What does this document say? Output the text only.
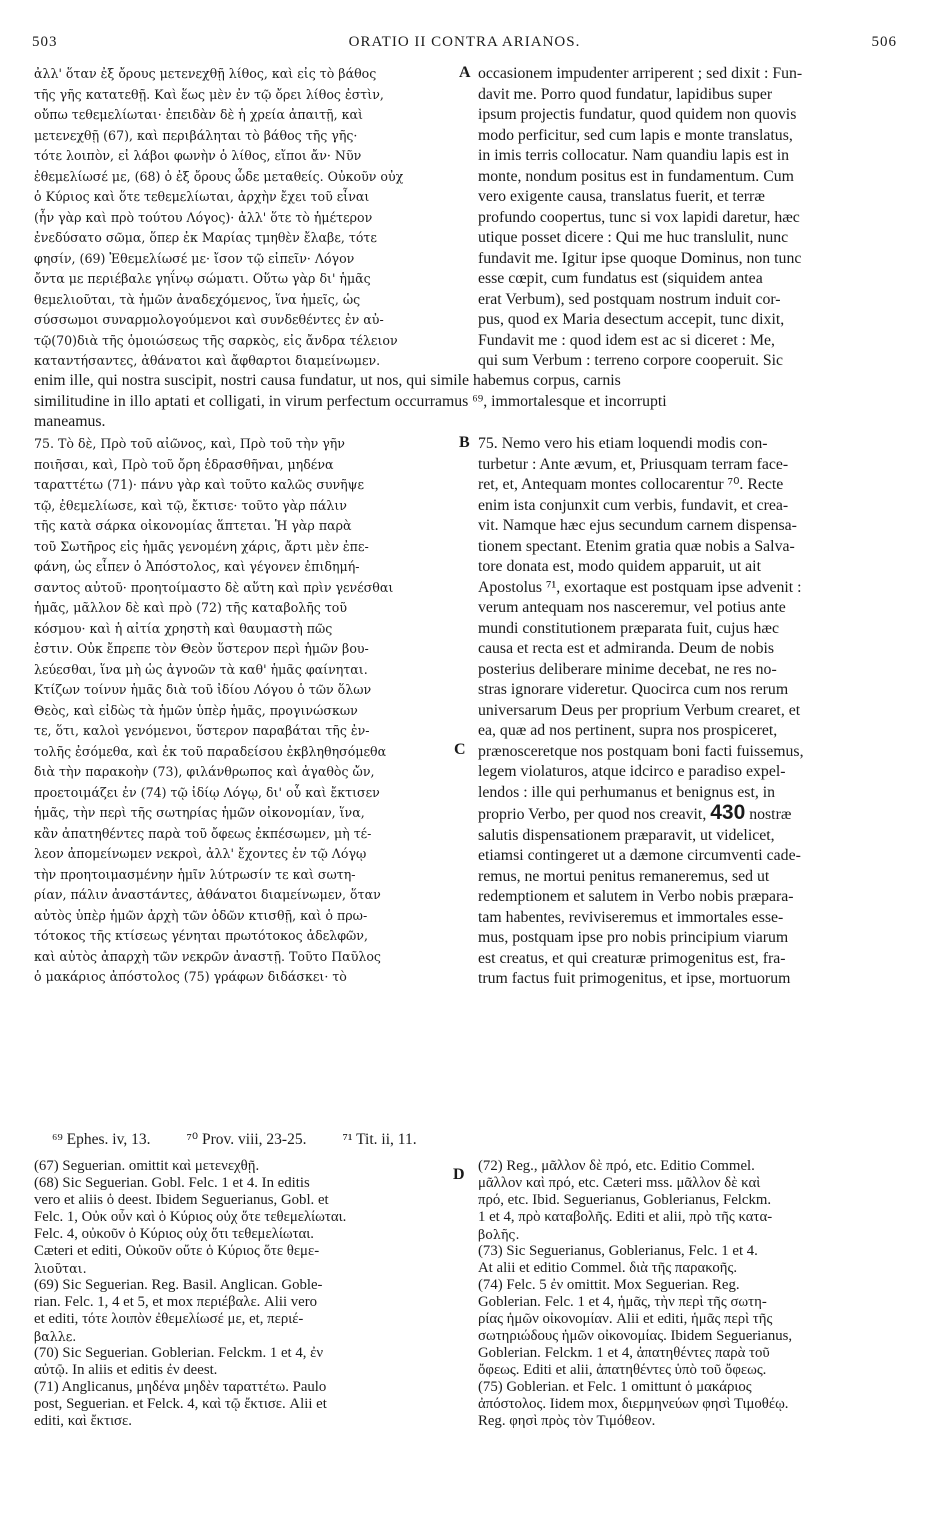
503	ORATIO II CONTRA ARIANOS.	506
ἀλλ' ὅταν ἐξ ὄρους μετενεχθῇ λίθος, καὶ εἰς τὸ βάθος
τῆς γῆς κατατεθῇ. Καὶ ἕως μὲν ἐν τῷ ὄρει λίθος ἐστὶν,
οὔπω τεθεμελίωται· ἐπειδὰν δὲ ἡ χρεία ἀπαιτῇ, καὶ
μετενεχθῇ (67), καὶ περιβάληται τὸ βάθος τῆς γῆς·
τότε λοιπὸν, εἰ λάβοι φωνὴν ὁ λίθος, εἴποι ἄν· Νῦν
ἐθεμελίωσέ με, (68) ὁ ἐξ ὄρους ὧδε μεταθείς. Οὐκοῦν οὐχ
ὁ Κύριος καὶ ὅτε τεθεμελίωται, ἀρχὴν ἔχει τοῦ εἶναι
(ἦν γὰρ καὶ πρὸ τούτου Λόγος)· ἀλλ' ὅτε τὸ ἡμέτερον
ἐνεδύσατο σῶμα, ὅπερ ἐκ Μαρίας τμηθὲν ἔλαβε, τότε
φησίν, (69) Ἐθεμελίωσέ με· ἴσον τῷ εἰπεῖν· Λόγον
ὄντα με περιέβαλε γηΐνῳ σώματι. Οὕτω γὰρ δι' ἡμᾶς
θεμελιοῦται, τὰ ἡμῶν ἀναδεχόμενος, ἵνα ἡμεῖς, ὡς
σύσσωμοι συναρμολογούμενοι καὶ συνδεθέντες ἐν αὐ-
τῷ(70)διὰ τῆς ὁμοιώσεως τῆς σαρκὸς, εἰς ἄνδρα τέλειον
καταντήσαντες, ἀθάνατοι καὶ ἄφθαρτοι διαμείνωμεν.
A occasionem impudenter arriperent ; sed dixit : Fun-
davit me. Porro quod fundatur, lapidibus super
ipsum projectis fundatur, quod quidem non quovis
modo perficitur, sed cum lapis e monte translatus,
in imis terris collocatur. Nam quandiu lapis est in
monte, nondum positus est in fundamentum. Cum
vero exigente causa, translatus fuerit, et terræ
profundo coopertus, tunc si vox lapidi daretur, hæc
utique posset dicere : Qui me huc translulit, nunc
fundavit me. Igitur ipse quoque Dominus, non tunc
esse cœpit, cum fundatus est (siquidem antea
erat Verbum), sed postquam nostrum induit cor-
pus, quod ex Maria desectum accepit, tunc dixit,
Fundavit me : quod idem est ac si diceret : Me,
qui sum Verbum : terreno corpore cooperuit. Sic
enim ille, qui nostra suscipit, nostri causa fundatur, ut nos, qui simile habemus corpus, carnis
similitudine in illo aptati et colligati, in virum perfectum occurramus ⁶⁹, immortalesque et incorrupti
maneamus.
75. Τὸ δὲ, Πρὸ τοῦ αἰῶνος, καὶ, Πρὸ τοῦ τὴν γῆν
ποιῆσαι, καὶ, Πρὸ τοῦ ὄρη ἑδρασθῆναι, μηδένα
ταραττέτω (71)· πάνυ γὰρ καὶ τοῦτο καλῶς συνῆψε
τῷ, ἐθεμελίωσε, καὶ τῷ, ἔκτισε· τοῦτο γὰρ πάλιν
τῆς κατὰ σάρκα οἰκονομίας ἅπτεται. Ἡ γὰρ παρὰ
τοῦ Σωτῆρος εἰς ἡμᾶς γενομένη χάρις, ἄρτι μὲν ἐπε-
φάνη, ὡς εἶπεν ὁ Ἀπόστολος, καὶ γέγονεν ἐπιδημή-
σαντος αὐτοῦ· προητοίμαστο δὲ αὕτη καὶ πρὶν γενέσθαι
ἡμᾶς, μᾶλλον δὲ καὶ πρὸ (72) τῆς καταβολῆς τοῦ
κόσμου· καὶ ἡ αἰτία χρηστὴ καὶ θαυμαστὴ πῶς
ἐστιν. Οὐκ ἔπρεπε τὸν Θεὸν ὕστερον περὶ ἡμῶν βου-
λεύεσθαι, ἵνα μὴ ὡς ἀγνοῶν τὰ καθ' ἡμᾶς φαίνηται.
Κτίζων τοίνυν ἡμᾶς διὰ τοῦ ἰδίου Λόγου ὁ τῶν ὅλων
Θεὸς, καὶ εἰδὼς τὰ ἡμῶν ὑπὲρ ἡμᾶς, προγινώσκων
τε, ὅτι, καλοὶ γενόμενοι, ὕστερον παραβάται τῆς ἐν-
τολῆς ἐσόμεθα, καὶ ἐκ τοῦ παραδείσου ἐκβληθησόμεθα
διὰ τὴν παρακοὴν (73), φιλάνθρωπος καὶ ἀγαθὸς ὤν,
προετοιμάζει ἐν (74) τῷ ἰδίῳ Λόγῳ, δι' οὗ καὶ ἔκτισεν
ἡμᾶς, τὴν περὶ τῆς σωτηρίας ἡμῶν οἰκονομίαν, ἵνα,
κἂν ἀπατηθέντες παρὰ τοῦ ὄφεως ἐκπέσωμεν, μὴ τέ-
λεον ἀπομείνωμεν νεκροὶ, ἀλλ' ἔχοντες ἐν τῷ Λόγῳ
τὴν προητοιμασμένην ἡμῖν λύτρωσίν τε καὶ σωτη-
ρίαν, πάλιν ἀναστάντες, ἀθάνατοι διαμείνωμεν, ὅταν
αὐτὸς ὑπὲρ ἡμῶν ἀρχὴ τῶν ὁδῶν κτισθῇ, καὶ ὁ πρω-
τότοκος τῆς κτίσεως γένηται πρωτότοκος ἀδελφῶν,
καὶ αὐτὸς ἀπαρχὴ τῶν νεκρῶν ἀναστῇ. Τοῦτο Παῦλος
ὁ μακάριος ἀπόστολος (75) γράφων διδάσκει· τὸ
B
C
75. Nemo vero his etiam loquendi modis con-
turbetur : Ante ævum, et, Priusquam terram face-
ret, et, Antequam montes collocarentur ⁷⁰. Recte
enim ista conjunxit cum verbis, fundavit, et crea-
vit. Namque hæc ejus secundum carnem dispensa-
tionem spectant. Etenim gratia quæ nobis a Salva-
tore donata est, modo quidem apparuit, ut ait
Apostolus ⁷¹, exortaque est postquam ipse advenit :
verum antequam nos nasceremur, vel potius ante
mundi constitutionem præparata fuit, cujus hæc
causa et recta est et admiranda. Deum de nobis
posterius deliberare minime decebat, ne res no-
stras ignorare videretur. Quocirca cum nos rerum
universarum Deus per proprium Verbum crearet, et
ea, quæ ad nos pertinent, supra nos prospiceret,
prænosceretque nos postquam boni facti fuissemus,
legem violaturos, atque idcirco e paradiso expel-
lendos : ille qui perhumanus et benignus est, in
proprio Verbo, per quod nos creavit, 430 nostræ
salutis dispensationem præparavit, ut videlicet,
etiamsi contingeret ut a dæmone circumventi cade-
remus, ne mortui penitus remaneremus, sed ut
redemptionem et salutem in Verbo nobis præpara-
tam habentes, reviviseremus et immortales esse-
mus, postquam ipse pro nobis principium viarum
est creatus, et qui creaturæ primogenitus est, fra-
trum factus fuit primogenitus, et ipse, mortuorum
⁶⁹ Ephes. iv, 13. ⁷⁰ Prov. viii, 23-25. ⁷¹ Tit. ii, 11.
D
(67) Seguerian. omittit καὶ μετενεχθῇ.
(68) Sic Seguerian. Gobl. Felc. 1 et 4. In editis
vero et aliis ὁ deest. Ibidem Seguerianus, Gobl. et
Felc. 1, Οὐκ οὖν καὶ ὁ Κύριος οὐχ ὅτε τεθεμελίωται.
Felc. 4, οὐκοῦν ὁ Κύριος οὐχ ὅτι τεθεμελίωται.
Cæteri et editi, Οὐκοῦν οὔτε ὁ Κύριος ὅτε θεμε-
λιοῦται.
(69) Sic Seguerian. Reg. Basil. Anglican. Goble-
rian. Felc. 1, 4 et 5, et mox περιέβαλε. Alii vero
et editi, τότε λοιπὸν ἐθεμελίωσέ με, et, περιέ-
βαλλε.
(70) Sic Seguerian. Goblerian. Felckm. 1 et 4, ἐν
αὐτῷ. In aliis et editis ἐν deest.
(71) Anglicanus, μηδένα μηδὲν ταραττέτω. Paulo
post, Seguerian. et Felck. 4, καὶ τῷ ἔκτισε. Alii et
editi, καὶ ἔκτισε.
(72) Reg., μᾶλλον δὲ πρό, etc. Editio Commel.
μᾶλλον καὶ πρό, etc. Cæteri mss. μᾶλλον δὲ καὶ
πρό, etc. Ibid. Seguerianus, Goblerianus, Felckm.
1 et 4, πρὸ καταβολῆς. Editi et alii, πρὸ τῆς κατα-
βολῆς.
(73) Sic Seguerianus, Goblerianus, Felc. 1 et 4.
At alii et editio Commel. διὰ τῆς παρακοῆς.
(74) Felc. 5 ἐν omittit. Mox Seguerian. Reg.
Goblerian. Felc. 1 et 4, ἡμᾶς, τὴν περὶ τῆς σωτη-
ρίας ἡμῶν οἰκονομίαν. Alii et editi, ἡμᾶς περὶ τῆς
σωτηριώδους ἡμῶν οἰκονομίας. Ibidem Seguerianus,
Goblerian. Felckm. 1 et 4, ἀπατηθέντες παρὰ τοῦ
ὄφεως. Editi et alii, ἀπατηθέντες ὑπὸ τοῦ ὄφεως.
(75) Goblerian. et Felc. 1 omittunt ὁ μακάριος
ἀπόστολος. Iidem mox, διερμηνεύων φησὶ Τιμοθέῳ.
Reg. φησὶ πρὸς τὸν Τιμόθεον.
